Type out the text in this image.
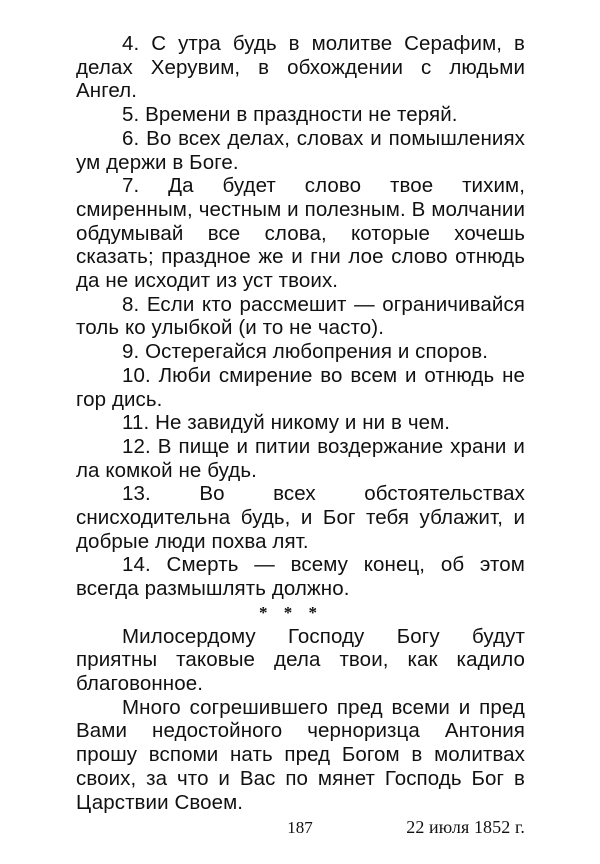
4. С утра будь в молитве Серафим, в делах Херувим, в обхождении с людьми Ангел.

5. Времени в праздности не теряй.

6. Во всех делах, словах и помышлениях ум держи в Боге.

7. Да будет слово твое тихим, смиренным, честным и полезным. В молчании обдумывай все слова, которые хочешь сказать; праздное же и гни лое слово отнюдь да не исходит из уст твоих.

8. Если кто рассмешит — ограничивайся толь ко улыбкой (и то не часто).

9. Остерегайся любопрения и споров.

10. Люби смирение во всем и отнюдь не гор дись.

11. Не завидуй никому и ни в чем.

12. В пище и питии воздержание храни и ла комкой не будь.

13. Во всех обстоятельствах снисходительна будь, и Бог тебя ублажит, и добрые люди похва лят.

14. Смерть — всему конец, об этом всегда размышлять должно.

* * *

Милосердому Господу Богу будут приятны таковые дела твои, как кадило благовонное.

Много согрешившего пред всеми и пред Вами недостойного черноризца Антония прошу вспоми нать пред Богом в молитвах своих, за что и Вас по мянет Господь Бог в Царствии Своем.

22 июля 1852 г.
187
